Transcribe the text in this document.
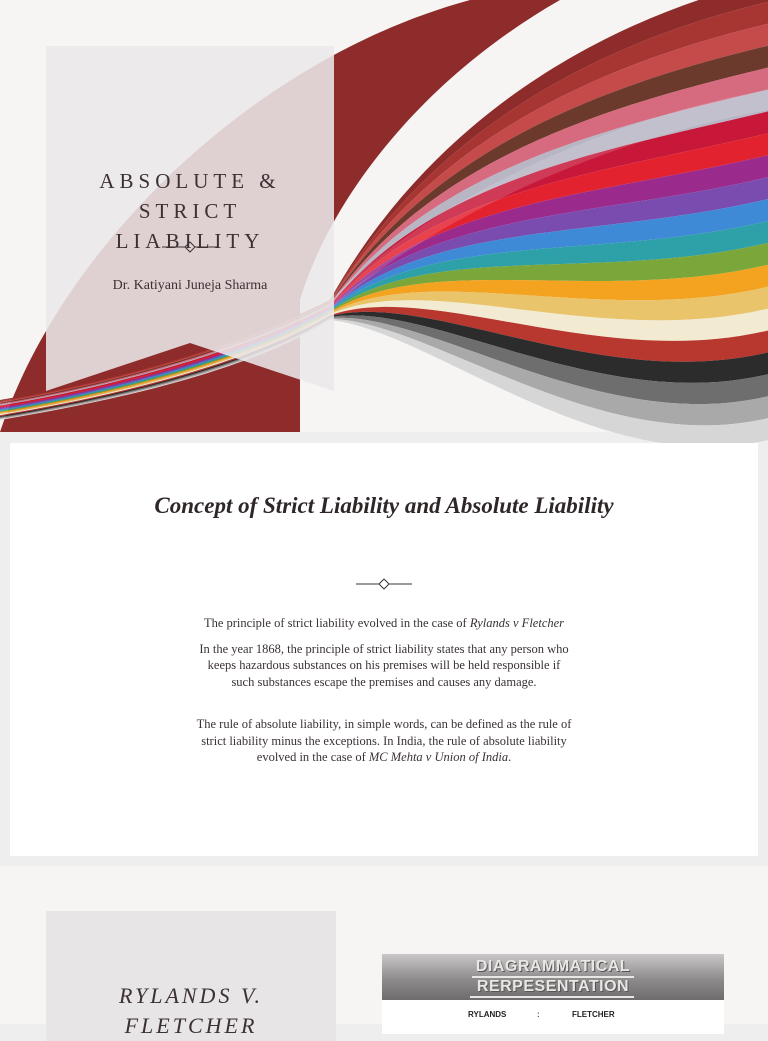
ABSOLUTE &
STRICT
LIABILITY
Dr. Katiyani Juneja Sharma
Concept of Strict Liability and Absolute Liability

The principle of strict liability evolved in the case of Rylands v Fletcher

In the year 1868, the principle of strict liability states that any person who keeps hazardous substances on his premises will be held responsible if such substances escape the premises and causes any damage.

The rule of absolute liability, in simple words, can be defined as the rule of strict liability minus the exceptions. In India, the rule of absolute liability evolved in the case of MC Mehta v Union of India.

RYLANDS V.
FLETCHER
DIAGRAMMATICAL
RERPESENTATION
RYLANDS	:	FLETCHER
